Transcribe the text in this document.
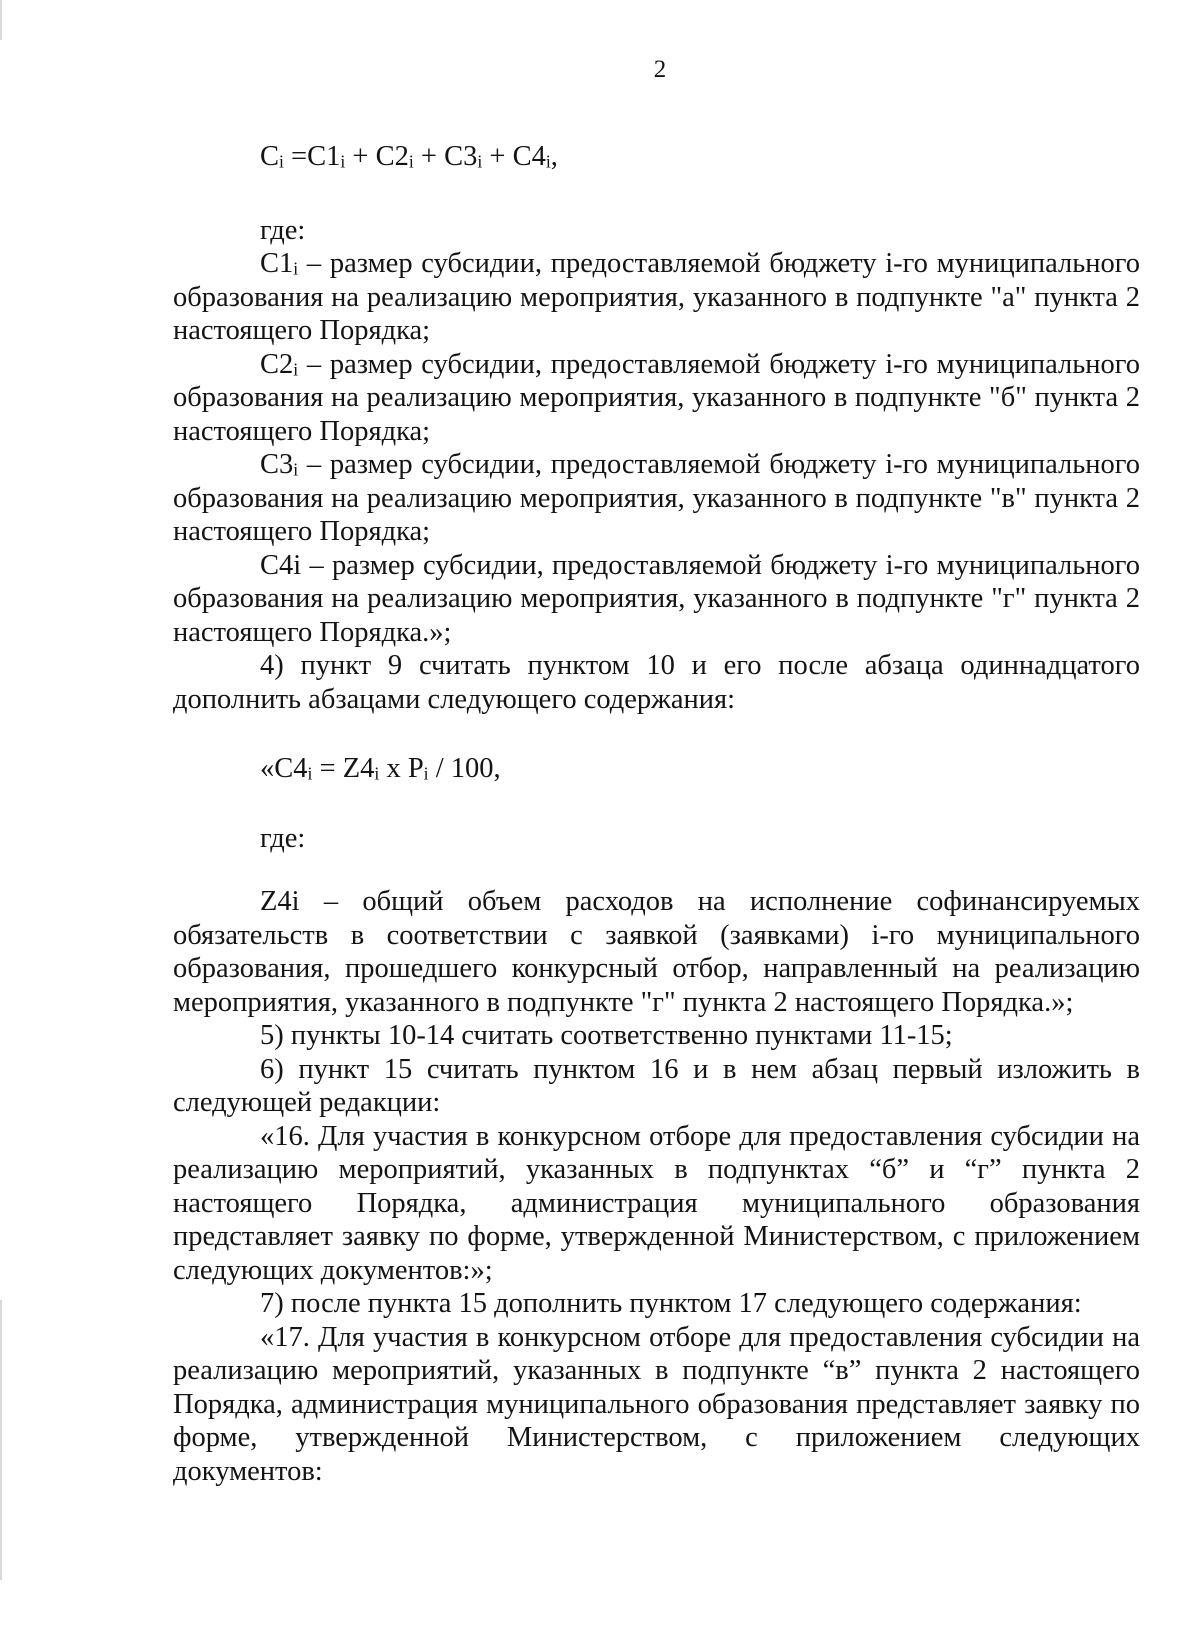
2

$C_i =C1_i + C2_i + C3_i + C4_i$,

где:

$C1_i$ – размер субсидии, предоставляемой бюджету i-го муниципального образования на реализацию мероприятия, указанного в подпункте "а" пункта 2 настоящего Порядка;

$C2_i$ – размер субсидии, предоставляемой бюджету i-го муниципального образования на реализацию мероприятия, указанного в подпункте "б" пункта 2 настоящего Порядка;

$C3_i$ – размер субсидии, предоставляемой бюджету i-го муниципального образования на реализацию мероприятия, указанного в подпункте "в" пункта 2 настоящего Порядка;

C4i – размер субсидии, предоставляемой бюджету i-го муниципального образования на реализацию мероприятия, указанного в подпункте "г" пункта 2 настоящего Порядка.»;

4) пункт 9 считать пунктом 10 и его после абзаца одиннадцатого дополнить абзацами следующего содержания:

«$C4_i = Z4_i$ x $P_i / 100$,

где:

Z4i – общий объем расходов на исполнение софинансируемых обязательств в соответствии с заявкой (заявками) i-го муниципального образования, прошедшего конкурсный отбор, направленный на реализацию мероприятия, указанного в подпункте "г" пункта 2 настоящего Порядка.»;

5) пункты 10-14 считать соответственно пунктами 11-15;

6) пункт 15 считать пунктом 16 и в нем абзац первый изложить в следующей редакции:

«16. Для участия в конкурсном отборе для предоставления субсидии на реализацию мероприятий, указанных в подпунктах “б” и “г” пункта 2 настоящего Порядка, администрация муниципального образования представляет заявку по форме, утвержденной Министерством, с приложением следующих документов:»;

7) после пункта 15 дополнить пунктом 17 следующего содержания:

«17. Для участия в конкурсном отборе для предоставления субсидии на реализацию мероприятий, указанных в подпункте “в” пункта 2 настоящего Порядка, администрация муниципального образования представляет заявку по форме, утвержденной Министерством, с приложением следующих документов:
